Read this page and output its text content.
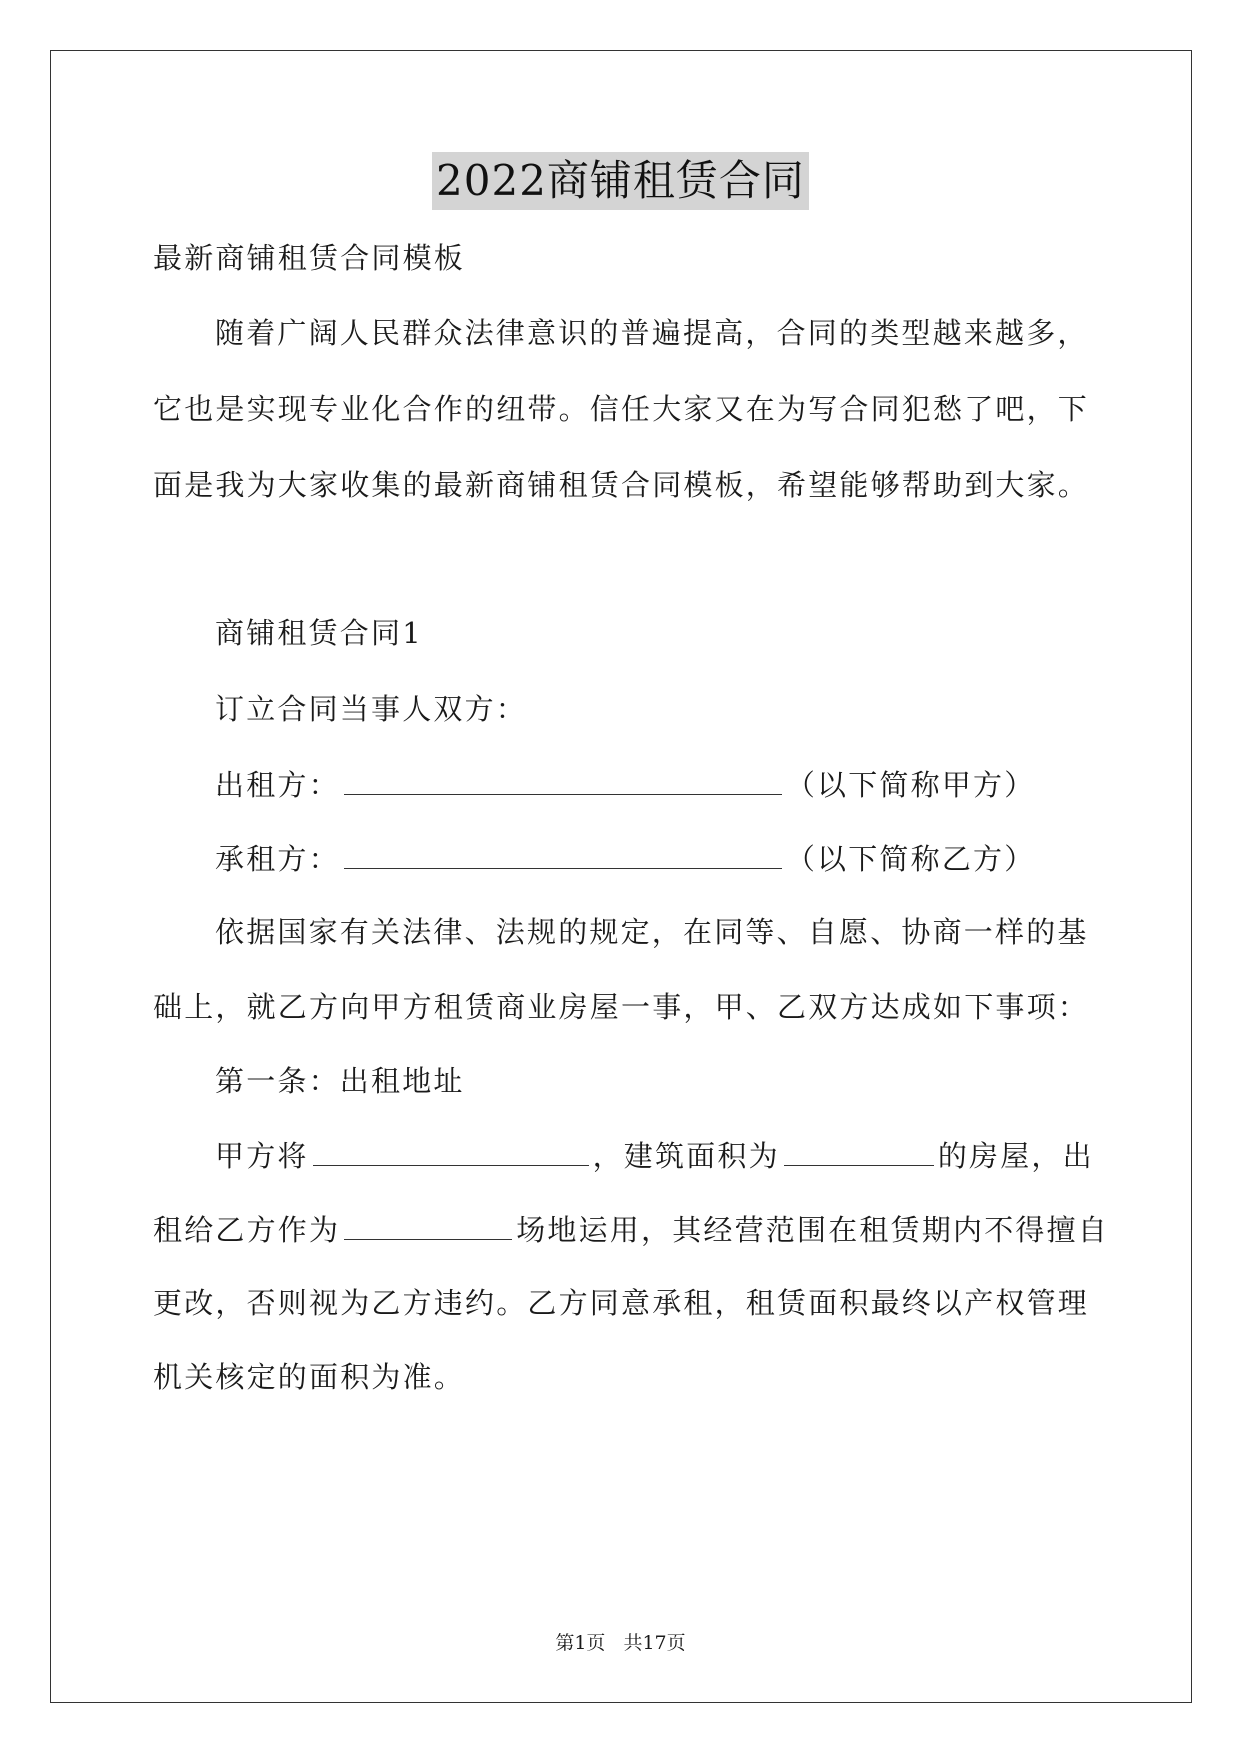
2022商铺租赁合同
最新商铺租赁合同模板
随着广阔人民群众法律意识的普遍提高，合同的类型越来越多，
它也是实现专业化合作的纽带。信任大家又在为写合同犯愁了吧，下
面是我为大家收集的最新商铺租赁合同模板，希望能够帮助到大家。
商铺租赁合同1
订立合同当事人双方：
出租方：	（以下简称甲方）
承租方：	（以下简称乙方）
依据国家有关法律、法规的规定，在同等、自愿、协商一样的基
础上，就乙方向甲方租赁商业房屋一事，甲、乙双方达成如下事项：
第一条：出租地址
甲方将	，建筑面积为	的房屋，出
租给乙方作为	场地运用，其经营范围在租赁期内不得擅自
更改，否则视为乙方违约。乙方同意承租，租赁面积最终以产权管理
机关核定的面积为准。
第1页 共17页
